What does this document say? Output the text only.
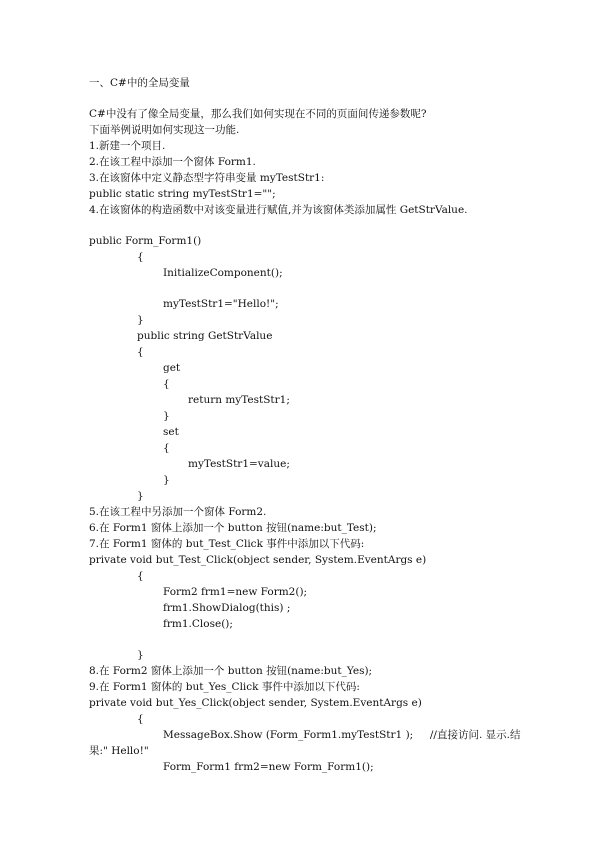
一、C#中的全局变量
C#中没有了像全局变量，那么我们如何实现在不同的页面间传递参数呢?
下面举例说明如何实现这一功能.
1.新建一个项目.
2.在该工程中添加一个窗体 Form1.
3.在该窗体中定义静态型字符串变量 myTestStr1:
public static string myTestStr1="";
4.在该窗体的构造函数中对该变量进行赋值,并为该窗体类添加属性 GetStrValue.
public Form_Form1()
{
InitializeComponent();
myTestStr1="Hello!";
}
public string GetStrValue
{
get
{
return myTestStr1;
}
set
{
myTestStr1=value;
}
}
5.在该工程中另添加一个窗体 Form2.
6.在 Form1 窗体上添加一个 button 按钮(name:but_Test);
7.在 Form1 窗体的 but_Test_Click 事件中添加以下代码:
private void but_Test_Click(object sender, System.EventArgs e)
{
Form2 frm1=new Form2();
frm1.ShowDialog(this) ;
frm1.Close();
}
8.在 Form2 窗体上添加一个 button 按钮(name:but_Yes);
9.在 Form1 窗体的 but_Yes_Click 事件中添加以下代码:
private void but_Yes_Click(object sender, System.EventArgs e)
{
MessageBox.Show (Form_Form1.myTestStr1 );     //直接访问. 显示.结
果:" Hello!"
Form_Form1 frm2=new Form_Form1();
